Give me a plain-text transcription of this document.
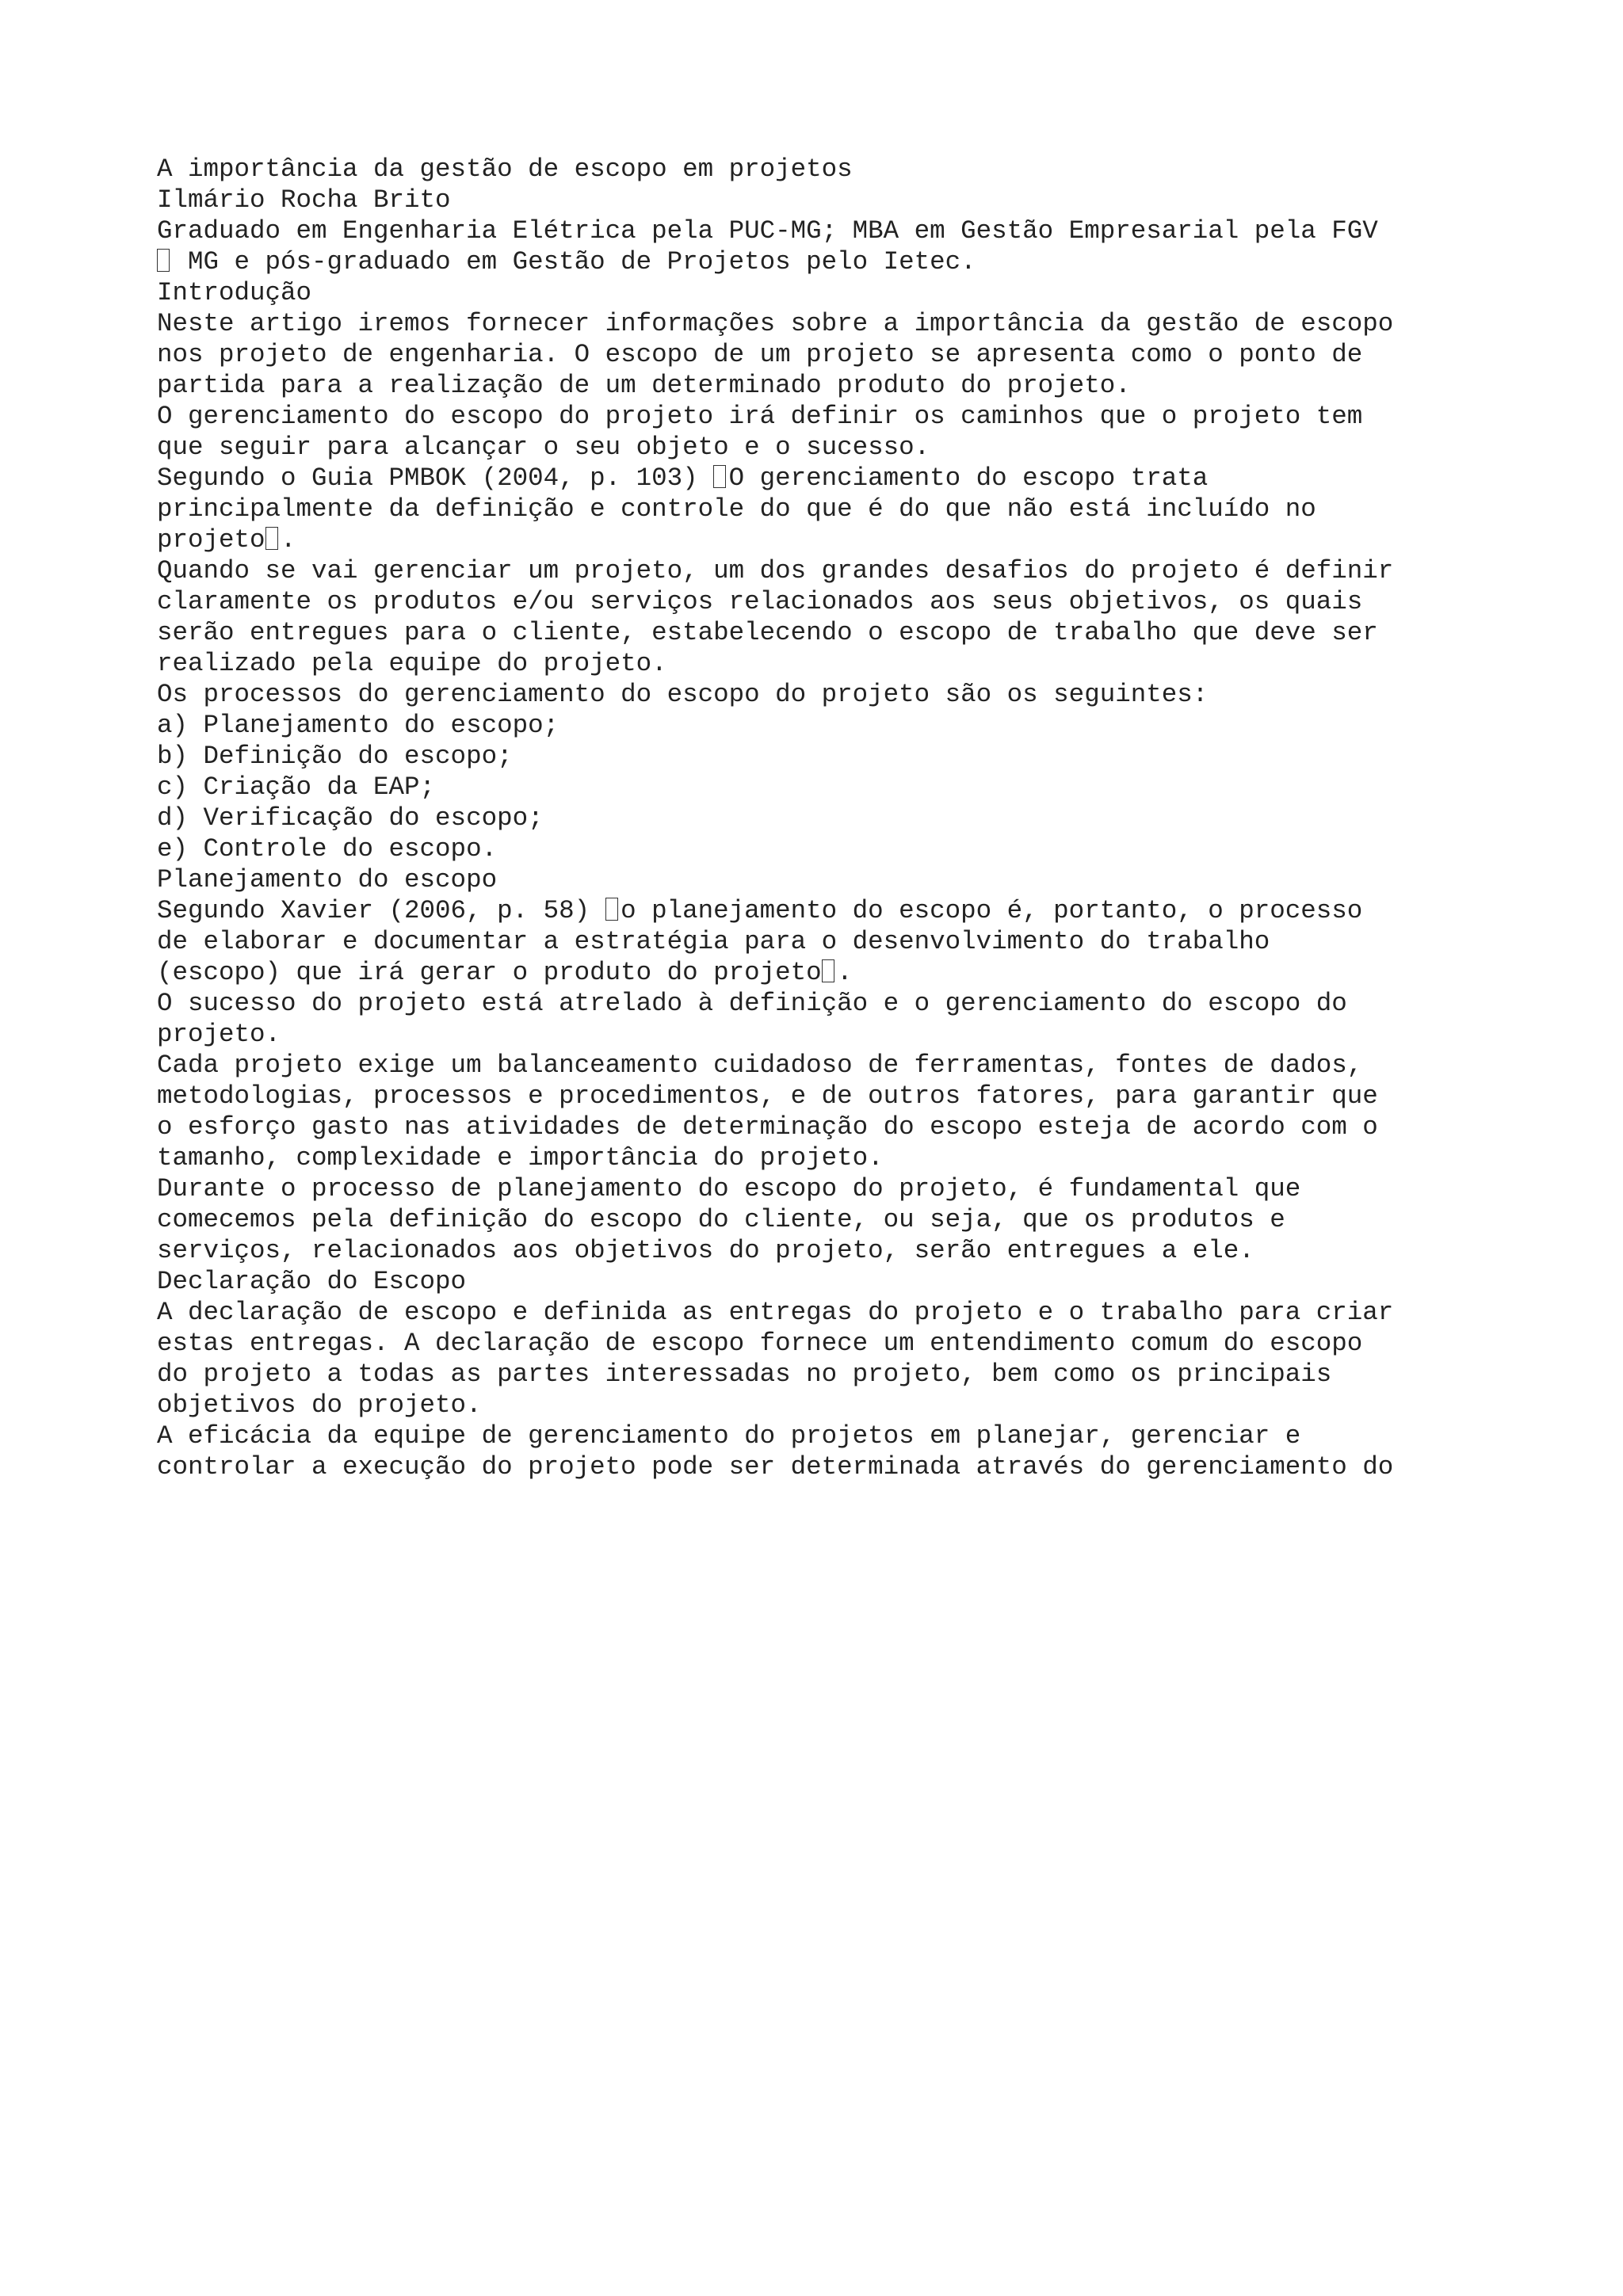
A importância da gestão de escopo em projetos
Ilmário Rocha Brito
Graduado em Engenharia Elétrica pela PUC-MG; MBA em Gestão Empresarial pela FGV
MG e pós-graduado em Gestão de Projetos pelo Ietec.
Introdução
Neste artigo iremos fornecer informações sobre a importância da gestão de escopo
nos projeto de engenharia. O escopo de um projeto se apresenta como o ponto de
partida para a realização de um determinado produto do projeto.
O gerenciamento do escopo do projeto irá definir os caminhos que o projeto tem
que seguir para alcançar o seu objeto e o sucesso.
Segundo o Guia PMBOK (2004, p. 103) O gerenciamento do escopo trata
principalmente da definição e controle do que é do que não está incluído no
projeto .
Quando se vai gerenciar um projeto, um dos grandes desafios do projeto é definir
claramente os produtos e/ou serviços relacionados aos seus objetivos, os quais
serão entregues para o cliente, estabelecendo o escopo de trabalho que deve ser
realizado pela equipe do projeto.
Os processos do gerenciamento do escopo do projeto são os seguintes:
a) Planejamento do escopo;
b) Definição do escopo;
c) Criação da EAP;
d) Verificação do escopo;
e) Controle do escopo.
Planejamento do escopo
Segundo Xavier (2006, p. 58) o planejamento do escopo é, portanto, o processo
de elaborar e documentar a estratégia para o desenvolvimento do trabalho
(escopo) que irá gerar o produto do projeto .
O sucesso do projeto está atrelado à definição e o gerenciamento do escopo do
projeto.
Cada projeto exige um balanceamento cuidadoso de ferramentas, fontes de dados,
metodologias, processos e procedimentos, e de outros fatores, para garantir que
o esforço gasto nas atividades de determinação do escopo esteja de acordo com o
tamanho, complexidade e importância do projeto.
Durante o processo de planejamento do escopo do projeto, é fundamental que
comecemos pela definição do escopo do cliente, ou seja, que os produtos e
serviços, relacionados aos objetivos do projeto, serão entregues a ele.
Declaração do Escopo
A declaração de escopo e definida as entregas do projeto e o trabalho para criar
estas entregas. A declaração de escopo fornece um entendimento comum do escopo
do projeto a todas as partes interessadas no projeto, bem como os principais
objetivos do projeto.
A eficácia da equipe de gerenciamento do projetos em planejar, gerenciar e
controlar a execução do projeto pode ser determinada através do gerenciamento do
